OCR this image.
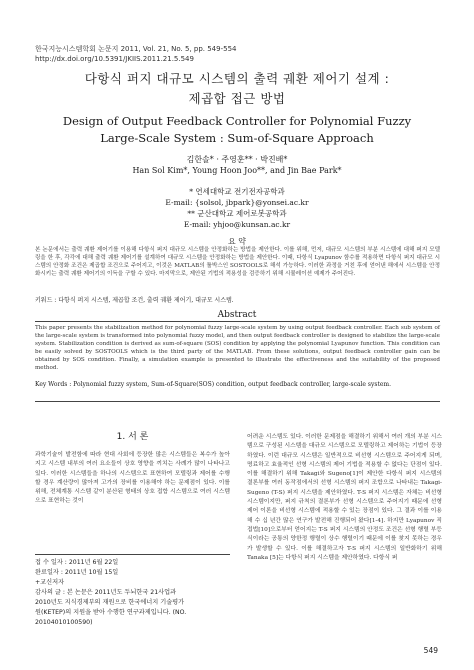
한국지능시스템학회 논문지 2011, Vol. 21, No. 5, pp. 549-554
http://dx.doi.org/10.5391/JKIIS.2011.21.5.549
다항식 퍼지 대규모 시스템의 출력 궤환 제어기 설계 :
제곱합 접근 방법
Design of Output Feedback Controller for Polynomial Fuzzy
Large-Scale System : Sum-of-Square Approach
김한솔* · 주영훈** · 박진배*
Han Sol Kim*, Young Hoon Joo**, and Jin Bae Park*
* 연세대학교 전기전자공학과
E-mail: {solsol, jbpark}@yonsei.ac.kr
** 군산대학교 제어로봇공학과
E-mail: yhjoo@kunsan.ac.kr
요 약
본 논문에서는 출력 궤환 제어기를 이용해 다항식 퍼지 대규모 시스템을 안정화하는 방법을 제안한다. 이를 위해, 먼저, 대규모 시스템의 부분 시스템에 대해 퍼지 모델링을 한 후, 각각에 대해 출력 궤환 제어기를 설계하여 대규모 시스템을 안정화하는 방법을 제안한다. 이때, 다항식 Lyapunov 함수를 적용하면 다항식 퍼지 대규모 시스템의 안정화 조건은 제곱합 조건으로 주어지고, 이것은 MATLAB의 툴박스인 SOSTOOLS로 해석 가능하다. 이러한 과정을 거친 후에 얻어낸 해에서 시스템을 안정화시키는 출력 궤환 제어기의 이득을 구할 수 있다. 마지막으로, 제안된 기법의 적용성을 검증하기 위해 시뮬레이션 예제가 주어진다.
키워드 : 다항식 퍼지 시스템, 제곱합 조건, 출력 궤환 제어기, 대규모 시스템.
Abstract
This paper presents the stabilization method for polynomial fuzzy large-scale system by using output feedback controller. Each sub system of the large-scale system is transformed into polynomial fuzzy model, and then output feedback controller is designed to stabilize the large-scale system. Stabilization condition is derived as sum-of-square (SOS) condition by applying the polynomial Lyapunov function. This condition can be easily solved by SOSTOOLS which is the third party of the MATLAB. From these solutions, output feedback controller gain can be obtained by SOS condition. Finally, a simulation example is presented to illustrate the effectiveness and the suitability of the proposed method.
Key Words : Polynomial fuzzy system, Sum-of-Square(SOS) condition, output feedback controller, large-scale system.
1. 서 론

과학기술이 발전함에 따라 현대 사회에 등장한 많은 시스템들은 복수가 높아지고 시스템 내부의 여러 요소들이 상호 영향을 끼치는 사례가 많이 나타나고 있다. 이러한 시스템들을 하나의 시스템으로 표현하여 모델링과 제어를 수행할 경우 계산량이 많아져 고가의 장비를 이용해야 하는 문제점이 있다. 이를 위해, 전체계통 시스템 같이 분산된 형태의 상호 접합 시스템으로 여러 시스템으로 표현하는 것이

접 수 일자 : 2011년 6월 22일

완료일자 : 2011년 10월 15일

+교신저자

감사의 글 : 본 논문은 2011년도 두뇌한국 21사업과

2010년도 지식경제부의 재원으로 한국에너지 기술평가

원(KETEP)의 지원을 받아 수행한 연구과제입니다. (NO.

20104010100590)

어려운 시스템도 있다. 이러한 문제점을 해결하기 위해서 여러 개의 부분 시스템으로 구성된 시스템을 대규모 시스템으로 모델링하고 제어하는 기법이 등장하였다. 이런 대규모 시스템은 일반적으로 비선형 시스템으로 주어지게 되며, 명료하고 효율적인 선형 시스템의 제어 기법을 적용할 수 없다는 단점이 있다. 이를 해결하기 위해 Takagi와 Sugeno[1]이 제안한 다항식 퍼지 시스템의 결론부를 여러 동작점에서의 선형 시스템의 퍼지 조합으로 나타내는 Takagi-Sugeno (T-S) 퍼지 시스템을 제안하였다. T-S 퍼지 시스템은 자체는 비선형 시스템이지만, 퍼지 규칙의 결론부가 선형 시스템으로 주어지기 때문에 선형 제어 이론을 비선형 시스템에 적용할 수 있는 장점이 있다. 그 결과 이를 이용해 수 십 년간 많은 연구가 발전해 진행되어 왔다[1-4]. 하지만 Lyapunov 직접법[10]으로부터 얻어지는 T-S 퍼지 시스템의 안정도 조건은 선형 행렬 부등식이라는 공통의 양한정 행렬이 상수 행렬이기 때문에 이를 찾지 못하는 경우가 발생할 수 있다. 이를 해결하고자 T-S 퍼지 시스템의 일반화하기 위해 Tanaka [5]는 다항식 퍼지 시스템을 제안하였다. 다항식 퍼

549
